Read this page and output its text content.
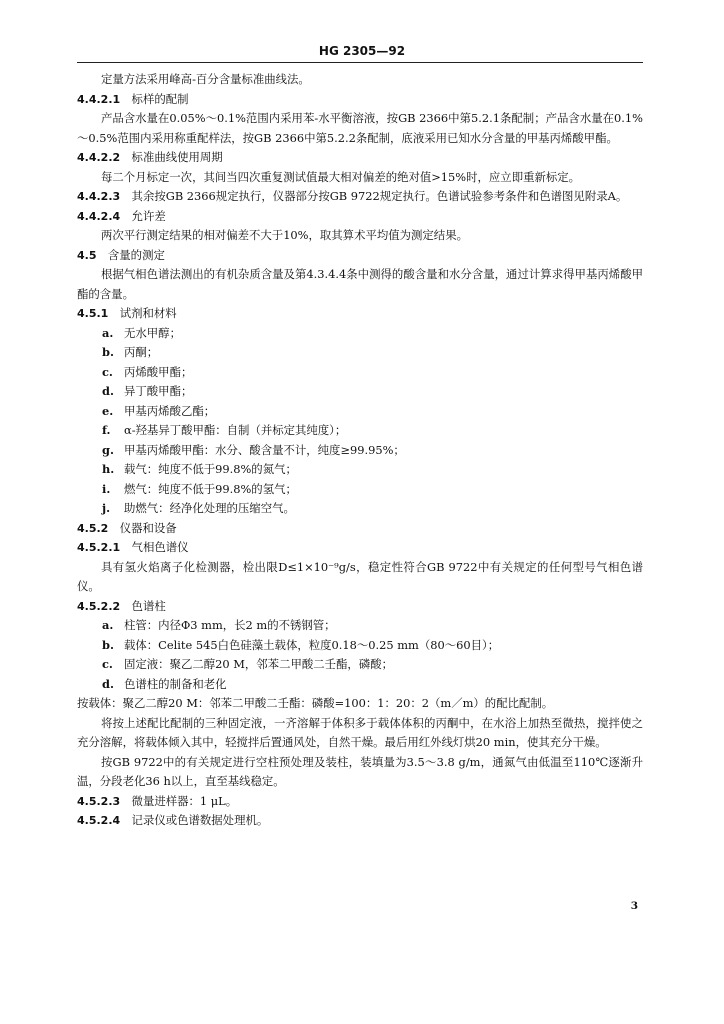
HG 2305—92

定量方法采用峰高-百分含量标准曲线法。

4.4.2.1 标样的配制

产品含水量在0.05%～0.1%范围内采用苯-水平衡溶液，按GB 2366中第5.2.1条配制；产品含水量在0.1%～0.5%范围内采用称重配样法，按GB 2366中第5.2.2条配制，底液采用已知水分含量的甲基丙烯酸甲酯。

4.4.2.2 标准曲线使用周期

每二个月标定一次，其间当四次重复测试值最大相对偏差的绝对值>15%时，应立即重新标定。

4.4.2.3 其余按GB 2366规定执行，仪器部分按GB 9722规定执行。色谱试验参考条件和色谱图见附录A。

4.4.2.4 允许差

两次平行测定结果的相对偏差不大于10%，取其算术平均值为测定结果。

4.5 含量的测定

根据气相色谱法测出的有机杂质含量及第4.3.4.4条中测得的酸含量和水分含量，通过计算求得甲基丙烯酸甲酯的含量。

4.5.1 试剂和材料

a. 无水甲醇；

b. 丙酮；

c. 丙烯酸甲酯；

d. 异丁酸甲酯；

e. 甲基丙烯酸乙酯；

f. α-羟基异丁酸甲酯：自制（并标定其纯度）；

g. 甲基丙烯酸甲酯：水分、酸含量不计，纯度≥99.95%；

h. 载气：纯度不低于99.8%的氮气；

i. 燃气：纯度不低于99.8%的氢气；

j. 助燃气：经净化处理的压缩空气。

4.5.2 仪器和设备

4.5.2.1 气相色谱仪

具有氢火焰离子化检测器，检出限D≤1×10⁻⁹g/s，稳定性符合GB 9722中有关规定的任何型号气相色谱仪。

4.5.2.2 色谱柱

a. 柱管：内径Φ3 mm，长2 m的不锈钢管；

b. 载体：Celite 545白色硅藻土载体，粒度0.18～0.25 mm（80～60目）；

c. 固定液：聚乙二醇20 M，邻苯二甲酸二壬酯，磷酸；

d. 色谱柱的制备和老化

按载体：聚乙二醇20 M：邻苯二甲酸二壬酯：磷酸=100：1：20：2（m／m）的配比配制。

将按上述配比配制的三种固定液，一齐溶解于体积多于载体体积的丙酮中，在水浴上加热至微热，搅拌使之充分溶解，将载体倾入其中，轻搅拌后置通风处，自然干燥。最后用红外线灯烘20 min，使其充分干燥。

按GB 9722中的有关规定进行空柱预处理及装柱，装填量为3.5～3.8 g/m，通氮气由低温至110℃逐渐升温，分段老化36 h以上，直至基线稳定。

4.5.2.3 微量进样器：1 μL。

4.5.2.4 记录仪或色谱数据处理机。

3
